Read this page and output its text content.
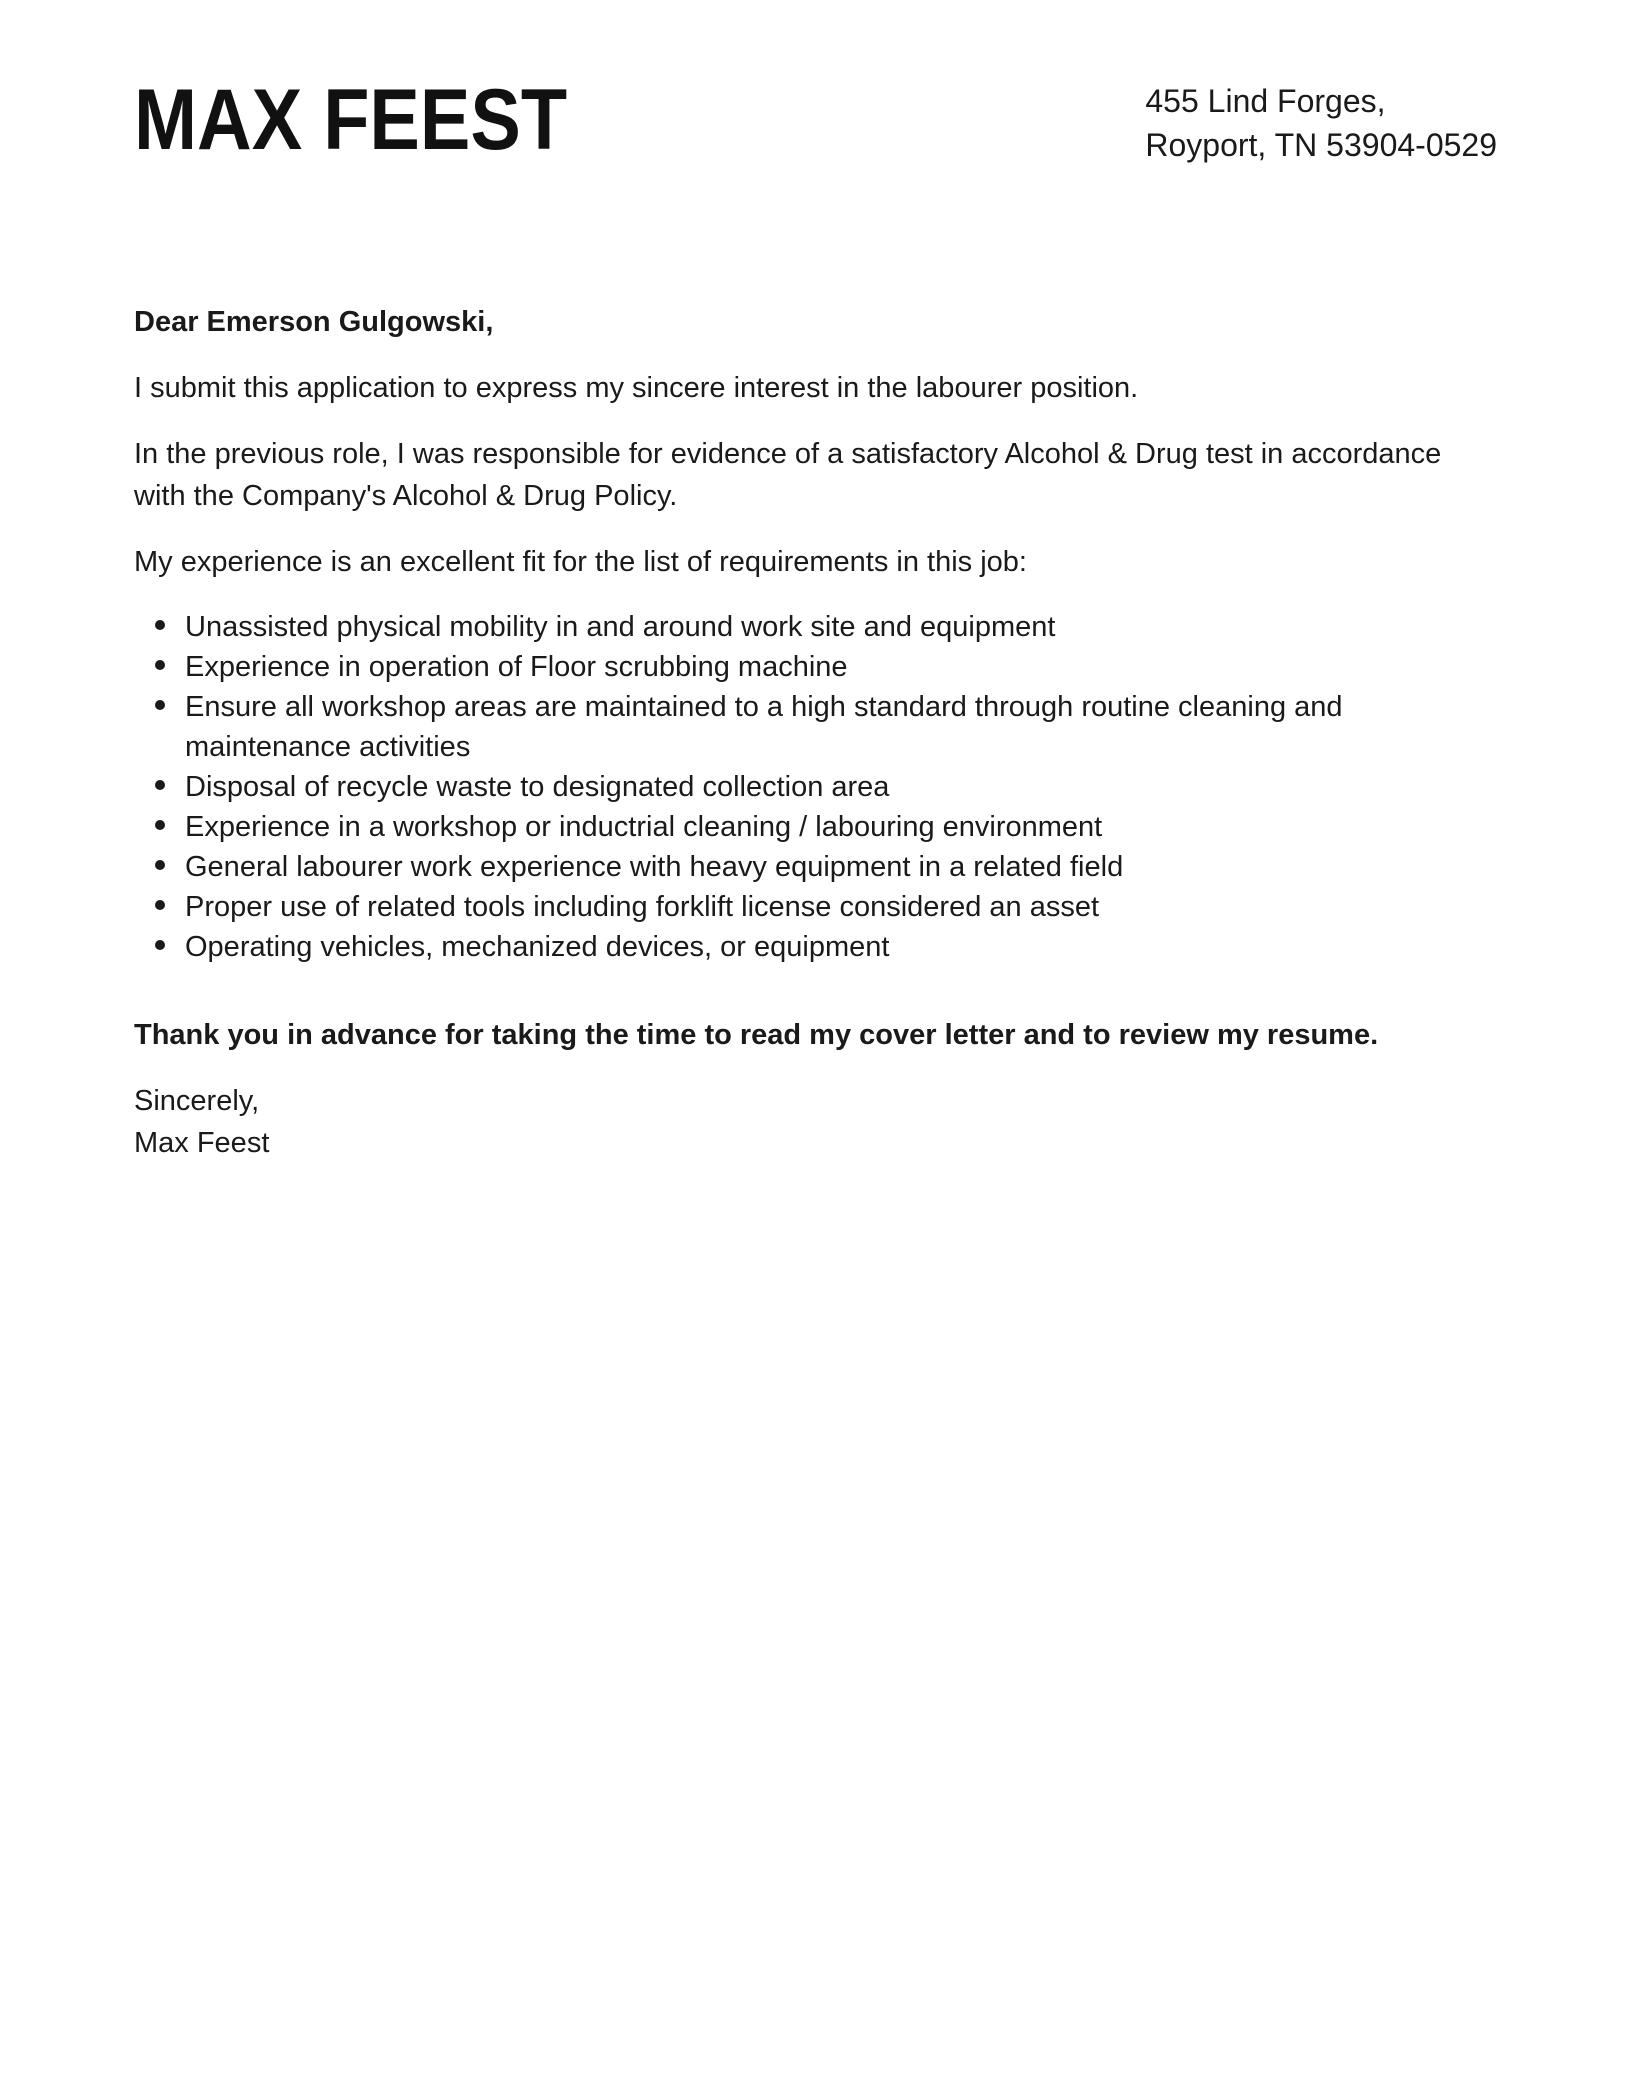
MAX FEEST	455 Lind Forges,
Royport, TN 53904-0529

Dear Emerson Gulgowski,

I submit this application to express my sincere interest in the labourer position.

In the previous role, I was responsible for evidence of a satisfactory Alcohol & Drug test in accordance with the Company's Alcohol & Drug Policy.

My experience is an excellent fit for the list of requirements in this job:

Unassisted physical mobility in and around work site and equipment
Experience in operation of Floor scrubbing machine
Ensure all workshop areas are maintained to a high standard through routine cleaning and maintenance activities
Disposal of recycle waste to designated collection area
Experience in a workshop or inductrial cleaning / labouring environment
General labourer work experience with heavy equipment in a related field
Proper use of related tools including forklift license considered an asset
Operating vehicles, mechanized devices, or equipment

Thank you in advance for taking the time to read my cover letter and to review my resume.

Sincerely,

Max Feest
